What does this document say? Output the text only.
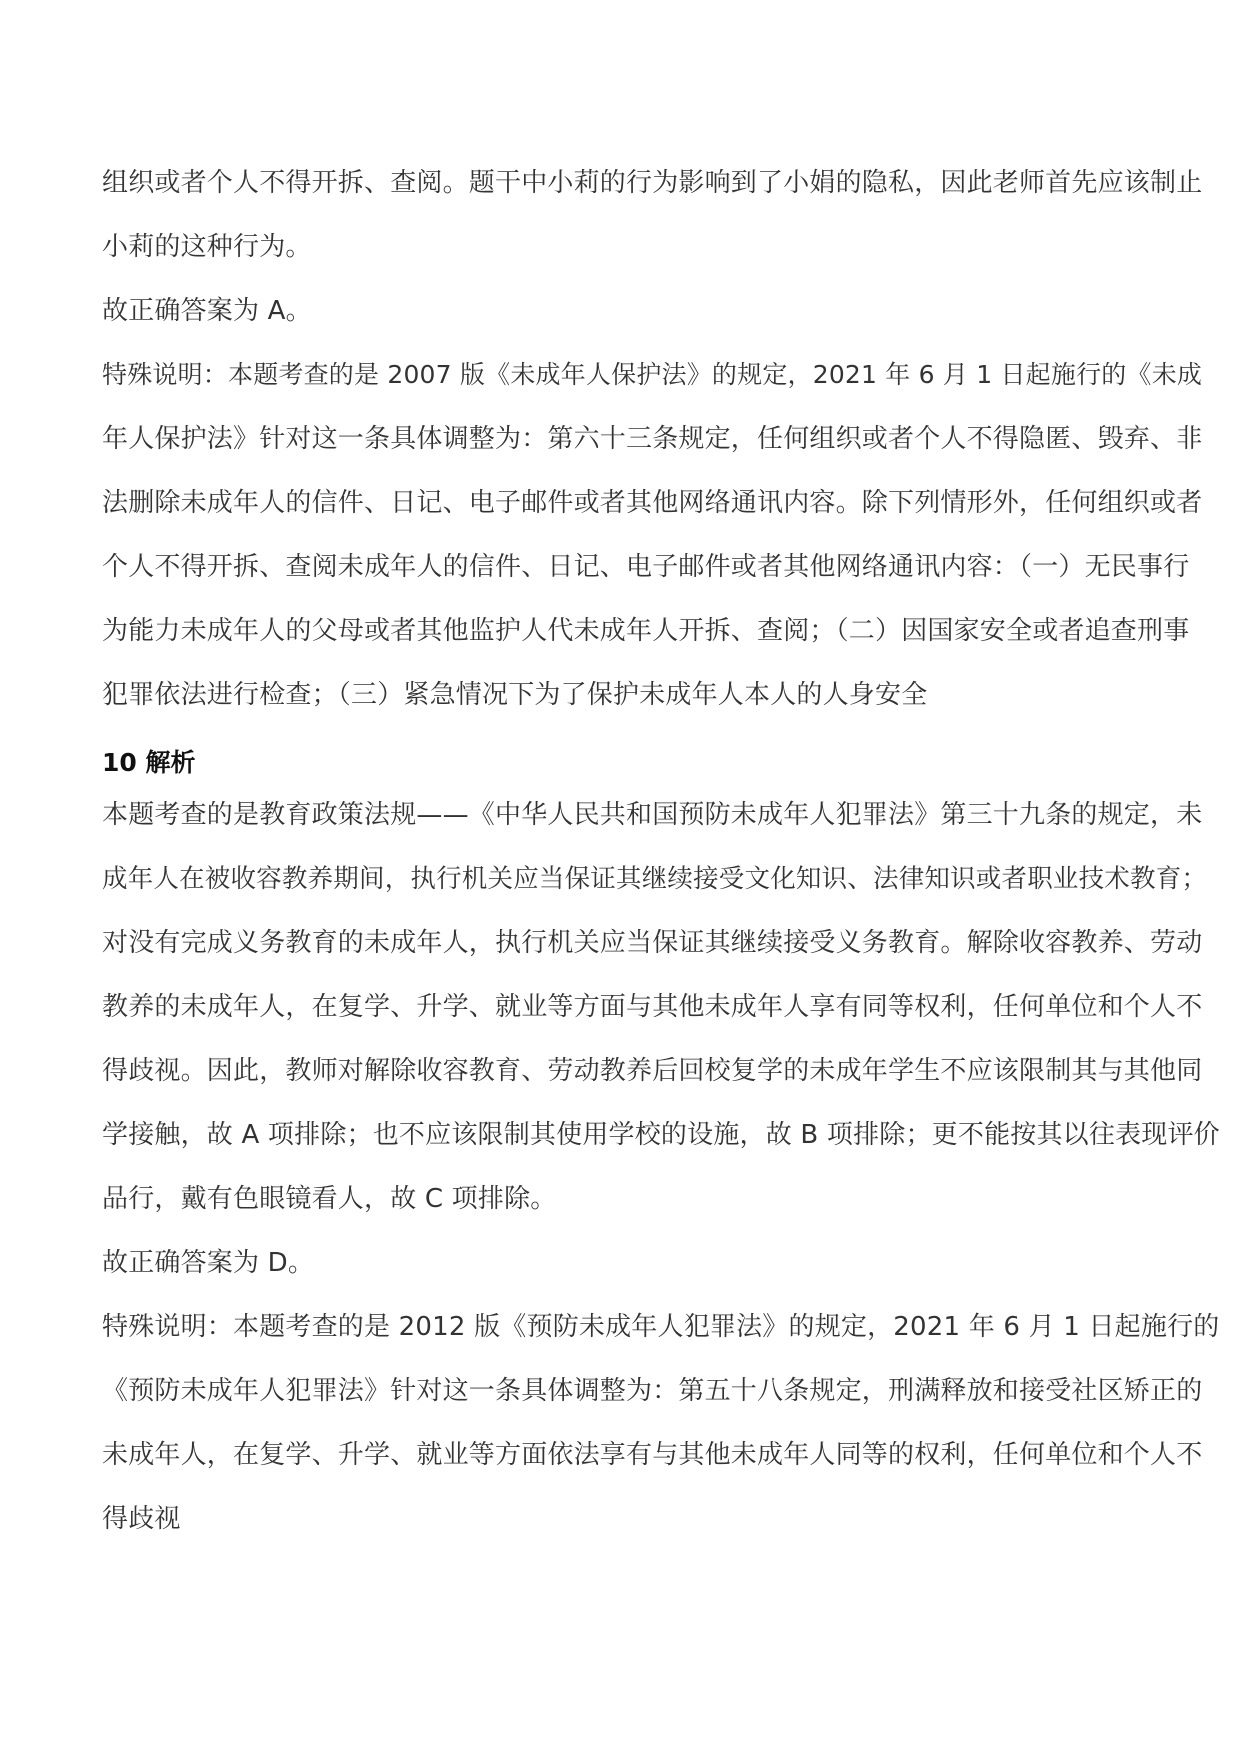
组织或者个人不得开拆、查阅。题干中小莉的行为影响到了小娟的隐私，因此老师首先应该制止
小莉的这种行为。
故正确答案为 A。
特殊说明：本题考查的是 2007 版《未成年人保护法》的规定，2021 年 6 月 1 日起施行的《未成
年人保护法》针对这一条具体调整为：第六十三条规定，任何组织或者个人不得隐匿、毁弃、非
法删除未成年人的信件、日记、电子邮件或者其他网络通讯内容。除下列情形外，任何组织或者
个人不得开拆、查阅未成年人的信件、日记、电子邮件或者其他网络通讯内容：（一）无民事行
为能力未成年人的父母或者其他监护人代未成年人开拆、查阅；（二）因国家安全或者追查刑事
犯罪依法进行检查；（三）紧急情况下为了保护未成年人本人的人身安全
10 解析
本题考查的是教育政策法规——《中华人民共和国预防未成年人犯罪法》第三十九条的规定，未
成年人在被收容教养期间，执行机关应当保证其继续接受文化知识、法律知识或者职业技术教育；
对没有完成义务教育的未成年人，执行机关应当保证其继续接受义务教育。解除收容教养、劳动
教养的未成年人，在复学、升学、就业等方面与其他未成年人享有同等权利，任何单位和个人不
得歧视。因此，教师对解除收容教育、劳动教养后回校复学的未成年学生不应该限制其与其他同
学接触，故 A 项排除；也不应该限制其使用学校的设施，故 B 项排除；更不能按其以往表现评价
品行，戴有色眼镜看人，故 C 项排除。
故正确答案为 D。
特殊说明：本题考查的是 2012 版《预防未成年人犯罪法》的规定，2021 年 6 月 1 日起施行的
《预防未成年人犯罪法》针对这一条具体调整为：第五十八条规定，刑满释放和接受社区矫正的
未成年人，在复学、升学、就业等方面依法享有与其他未成年人同等的权利，任何单位和个人不
得歧视
